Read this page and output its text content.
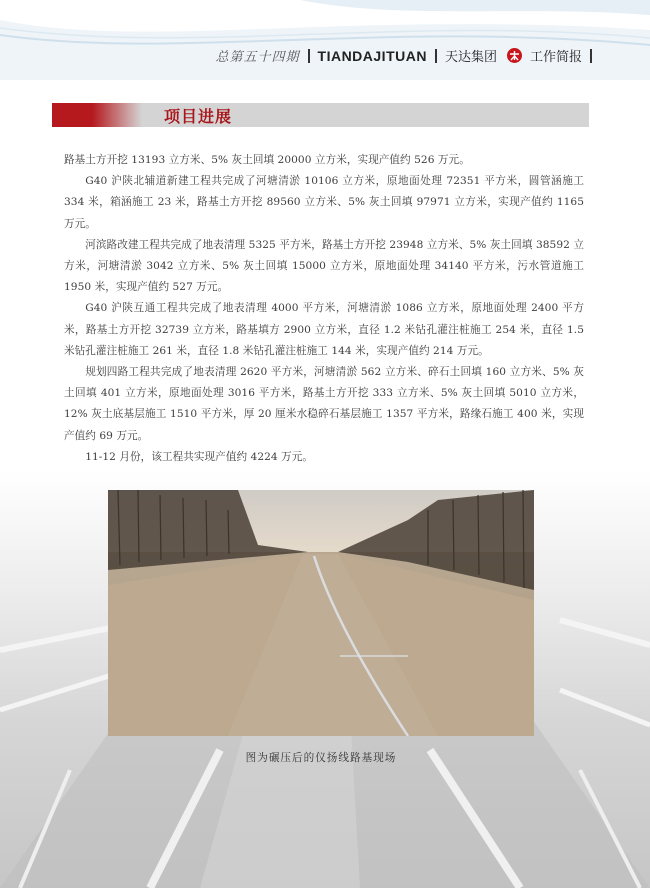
总第五十四期 TIANDAJITUAN 天达集团	工作简报
项目进展

路基土方开挖 13193 立方米、5% 灰土回填 20000 立方米，实现产值约 526 万元。

G40 沪陕北辅道新建工程共完成了河塘清淤 10106 立方米，原地面处理 72351 平方米，圆管涵施工 334 米，箱涵施工 23 米，路基土方开挖 89560 立方米、5% 灰土回填 97971 立方米，实现产值约 1165 万元。

河滨路改建工程共完成了地表清理 5325 平方米，路基土方开挖 23948 立方米、5% 灰土回填 38592 立方米，河塘清淤 3042 立方米、5% 灰土回填 15000 立方米，原地面处理 34140 平方米，污水管道施工 1950 米，实现产值约 527 万元。

G40 沪陕互通工程共完成了地表清理 4000 平方米，河塘清淤 1086 立方米，原地面处理 2400 平方米，路基土方开挖 32739 立方米，路基填方 2900 立方米，直径 1.2 米钻孔灌注桩施工 254 米，直径 1.5 米钻孔灌注桩施工 261 米，直径 1.8 米钻孔灌注桩施工 144 米，实现产值约 214 万元。

规划四路工程共完成了地表清理 2620 平方米，河塘清淤 562 立方米、碎石土回填 160 立方米、5% 灰土回填 401 立方米，原地面处理 3016 平方米，路基土方开挖 333 立方米、5% 灰土回填 5010 立方米，12% 灰土底基层施工 1510 平方米，厚 20 厘米水稳碎石基层施工 1357 平方米，路缘石施工 400 米，实现产值约 69 万元。

11-12 月份，该工程共实现产值约 4224 万元。

图为碾压后的仪扬线路基现场
